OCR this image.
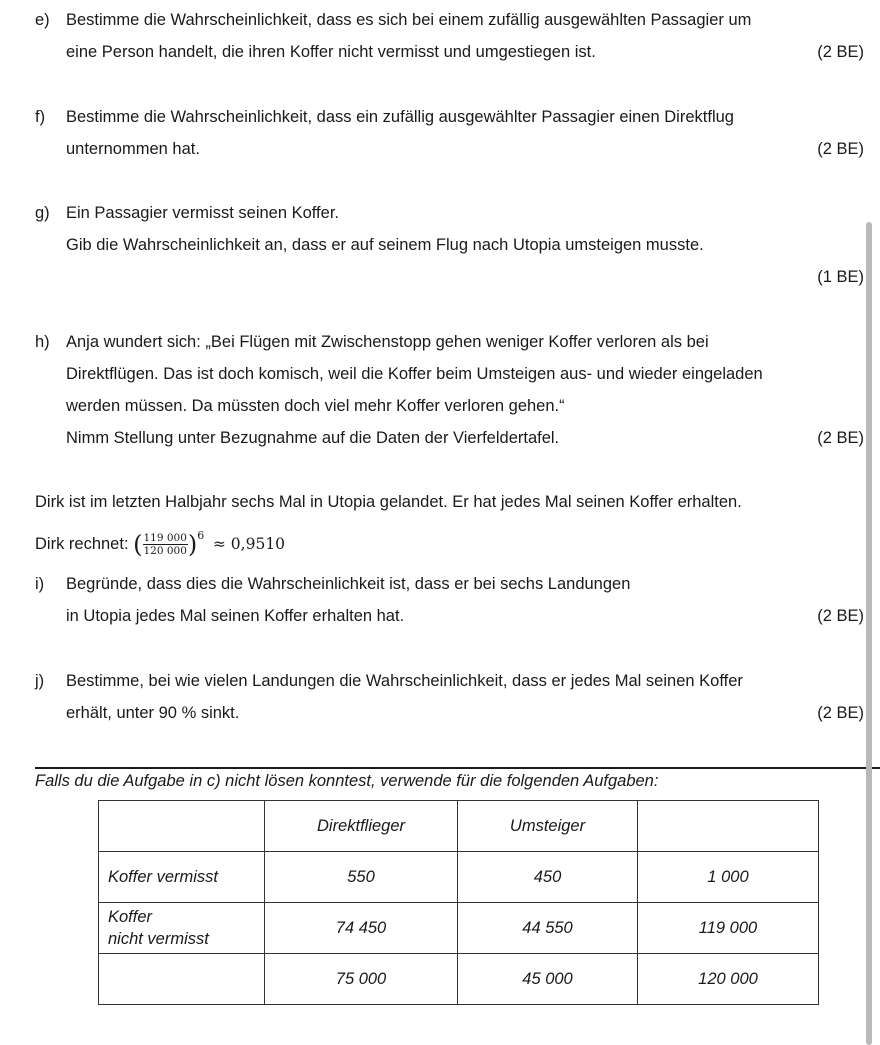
e) Bestimme die Wahrscheinlichkeit, dass es sich bei einem zufällig ausgewählten Passagier um
eine Person handelt, die ihren Koffer nicht vermisst und umgestiegen ist.	(2 BE)
f) Bestimme die Wahrscheinlichkeit, dass ein zufällig ausgewählter Passagier einen Direktflug
unternommen hat.	(2 BE)
g) Ein Passagier vermisst seinen Koffer.
Gib die Wahrscheinlichkeit an, dass er auf seinem Flug nach Utopia umsteigen musste.
(1 BE)
h) Anja wundert sich: „Bei Flügen mit Zwischenstopp gehen weniger Koffer verloren als bei
Direktflügen. Das ist doch komisch, weil die Koffer beim Umsteigen aus- und wieder eingeladen
werden müssen. Da müssten doch viel mehr Koffer verloren gehen.“
Nimm Stellung unter Bezugnahme auf die Daten der Vierfeldertafel.	(2 BE)
Dirk ist im letzten Halbjahr sechs Mal in Utopia gelandet. Er hat jedes Mal seinen Koffer erhalten.
Dirk rechnet: ( $\frac{119 000}{120 000} )^6 \approx 0,9510$
i) Begründe, dass dies die Wahrscheinlichkeit ist, dass er bei sechs Landungen
in Utopia jedes Mal seinen Koffer erhalten hat.	(2 BE)
j) Bestimme, bei wie vielen Landungen die Wahrscheinlichkeit, dass er jedes Mal seinen Koffer
erhält, unter 90 % sinkt.	(2 BE)
Falls du die Aufgabe in c) nicht lösen konntest, verwende für die folgenden Aufgaben:
	Direktflieger	Umsteiger	
Koffer vermisst	550	450	1 000
Koffer
nicht vermisst	74 450	44 550	119 000
	75 000	45 000	120 000
